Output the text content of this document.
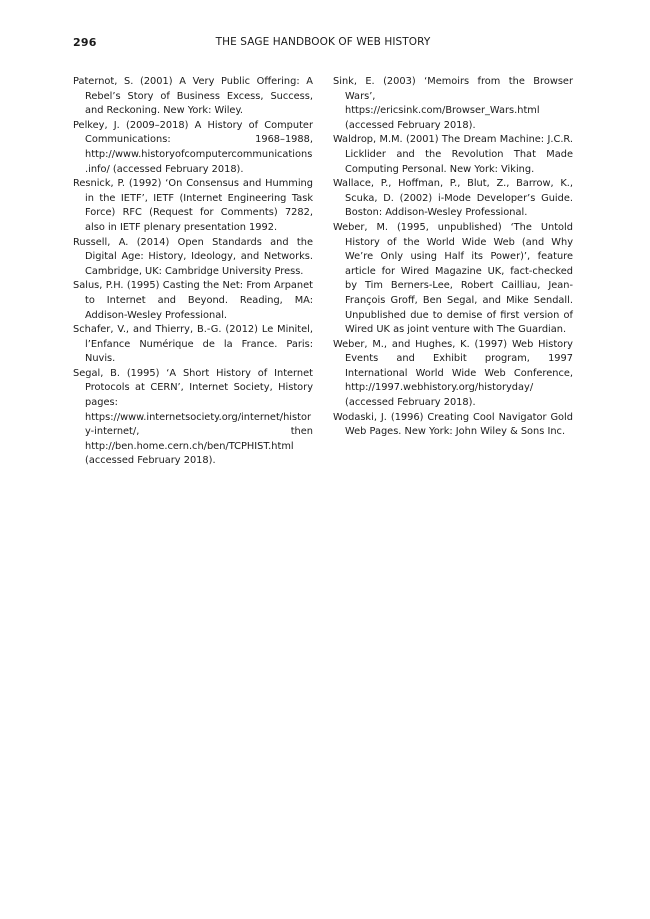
296	THE SAGE HANDBOOK OF WEB HISTORY

Paternot, S. (2001) A Very Public Offering: A Rebel’s Story of Business Excess, Success, and Reckoning. New York: Wiley.

Pelkey, J. (2009–2018) A History of Computer Communications: 1968–1988, http://www.historyofcomputercommunications.info/ (accessed February 2018).

Resnick, P. (1992) ‘On Consensus and Humming in the IETF’, IETF (Internet Engineering Task Force) RFC (Request for Comments) 7282, also in IETF plenary presentation 1992.

Russell, A. (2014) Open Standards and the Digital Age: History, Ideology, and Networks. Cambridge, UK: Cambridge University Press.

Salus, P.H. (1995) Casting the Net: From Arpanet to Internet and Beyond. Reading, MA: Addison-Wesley Professional.

Schafer, V., and Thierry, B.-G. (2012) Le Minitel, l’Enfance Numérique de la France. Paris: Nuvis.

Segal, B. (1995) ‘A Short History of Internet Protocols at CERN’, Internet Society, History pages: https://www.internetsociety.org/internet/history-internet/, then http://ben.home.cern.ch/ben/TCPHIST.html (accessed February 2018).

Sink, E. (2003) ‘Memoirs from the Browser Wars’, https://ericsink.com/Browser_Wars.html (accessed February 2018).

Waldrop, M.M. (2001) The Dream Machine: J.C.R. Licklider and the Revolution That Made Computing Personal. New York: Viking.

Wallace, P., Hoffman, P., Blut, Z., Barrow, K., Scuka, D. (2002) i-Mode Developer’s Guide. Boston: Addison-Wesley Professional.

Weber, M. (1995, unpublished) ‘The Untold History of the World Wide Web (and Why We’re Only using Half its Power)’, feature article for Wired Magazine UK, fact-checked by Tim Berners-Lee, Robert Cailliau, Jean-François Groff, Ben Segal, and Mike Sendall. Unpublished due to demise of first version of Wired UK as joint venture with The Guardian.

Weber, M., and Hughes, K. (1997) Web History Events and Exhibit program, 1997 International World Wide Web Conference, http://1997.webhistory.org/historyday/ (accessed February 2018).

Wodaski, J. (1996) Creating Cool Navigator Gold Web Pages. New York: John Wiley & Sons Inc.
